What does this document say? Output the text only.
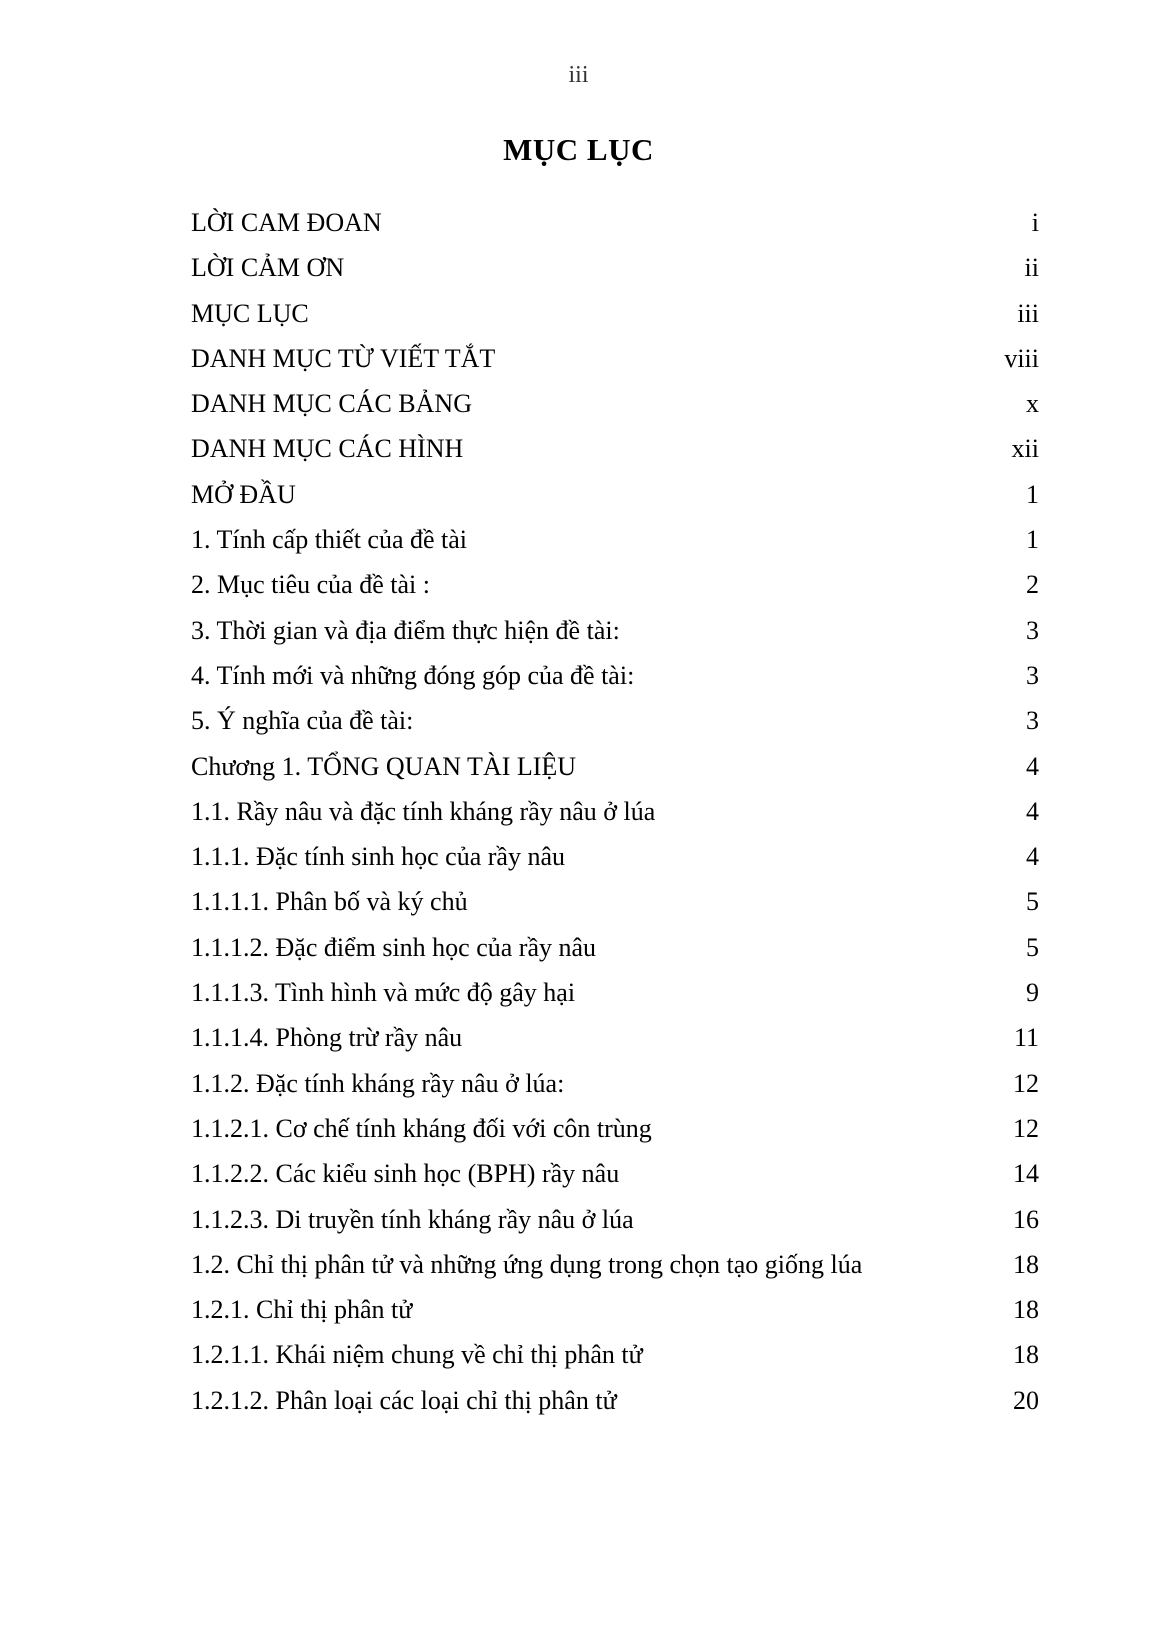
iii
MỤC LỤC
LỜI CAM ĐOAN	i
LỜI CẢM ƠN	ii
MỤC LỤC	iii
DANH MỤC TỪ VIẾT TẮT	viii
DANH MỤC CÁC BẢNG	x
DANH MỤC CÁC HÌNH	xii
MỞ ĐẦU	1
1. Tính cấp thiết của đề tài	1
2. Mục tiêu của đề tài :	2
3. Thời gian và địa điểm thực hiện đề tài:	3
4. Tính mới và những đóng góp của đề tài:	3
5. Ý nghĩa của đề tài:	3
Chương 1. TỔNG QUAN TÀI LIỆU	4
1.1. Rầy nâu và đặc tính kháng rầy nâu ở lúa	4
1.1.1. Đặc tính sinh học của rầy nâu	4
1.1.1.1. Phân bố và ký chủ	5
1.1.1.2. Đặc điểm sinh học của rầy nâu	5
1.1.1.3. Tình hình và mức độ gây hại	9
1.1.1.4. Phòng trừ rầy nâu	11
1.1.2. Đặc tính kháng rầy nâu ở lúa:	12
1.1.2.1. Cơ chế tính kháng đối với côn trùng	12
1.1.2.2. Các kiểu sinh học (BPH) rầy nâu	14
1.1.2.3. Di truyền tính kháng rầy nâu ở lúa	16
1.2. Chỉ thị phân tử và những ứng dụng trong chọn tạo giống lúa	18
1.2.1. Chỉ thị phân tử	18
1.2.1.1. Khái niệm chung về chỉ thị phân tử	18
1.2.1.2. Phân loại các loại chỉ thị phân tử	20
